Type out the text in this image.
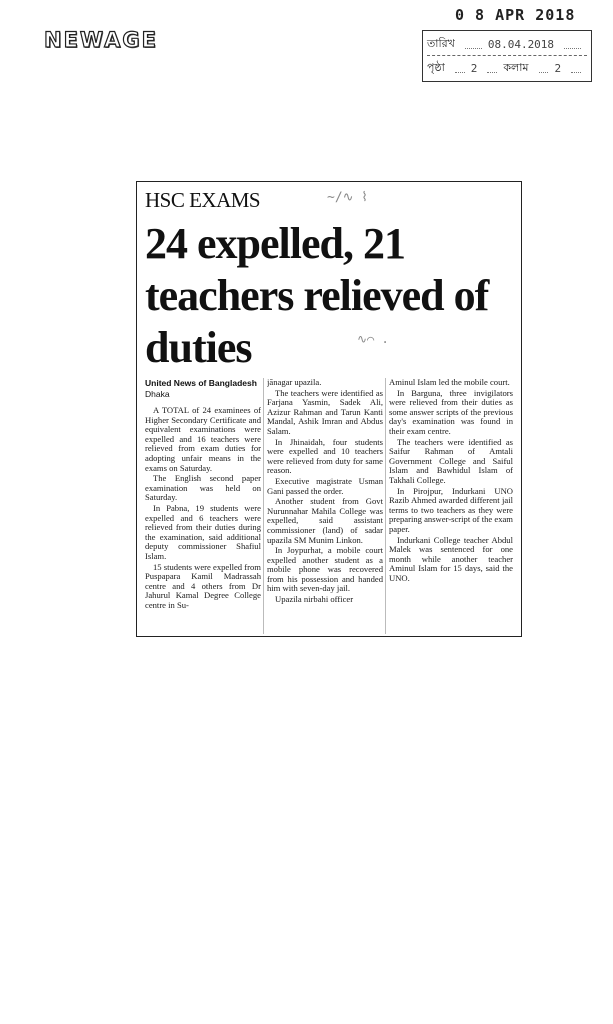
NEWAGE
0 8 APR 2018
তারিখ	08.04.2018
পৃষ্ঠা 2 কলাম 2
HSC EXAMS	~∕∿ ⌇
∿⌒ .
24 expelled, 21 teachers relieved of duties
United News of Bangladesh
Dhaka

A TOTAL of 24 examinees of Higher Secondary Certificate and equivalent examinations were expelled and 16 teachers were relieved from exam duties for adopting unfair means in the exams on Saturday.

The English second paper examination was held on Saturday.

In Pabna, 19 students were expelled and 6 teachers were relieved from their duties during the examination, said additional deputy commissioner Shafiul Islam.

15 students were expelled from Puspapara Kamil Madrassah centre and 4 others from Dr Jahurul Kamal Degree College centre in Su-

jānagar upazila.

The teachers were identified as Farjana Yasmin, Sadek Ali, Azizur Rahman and Tarun Kanti Mandal, Ashik Imran and Abdus Salam.

In Jhinaidah, four students were expelled and 10 teachers were relieved from duty for same reason.

Executive magistrate Usman Gani passed the order.

Another student from Govt Nurunnahar Mahila College was expelled, said assistant commissioner (land) of sadar upazila SM Munim Linkon.

In Joypurhat, a mobile court expelled another student as a mobile phone was recovered from his possession and handed him with seven-day jail.

Upazila nirbahi officer

Aminul Islam led the mobile court.

In Barguna, three invigilators were relieved from their duties as some answer scripts of the previous day's examination was found in their exam centre.

The teachers were identified as Saifur Rahman of Amtali Government College and Saiful Islam and Bawhidul Islam of Takhali College.

In Pirojpur, Indurkani UNO Razib Ahmed awarded different jail terms to two teachers as they were preparing answer-script of the exam paper.

Indurkani College teacher Abdul Malek was sentenced for one month while another teacher Aminul Islam for 15 days, said the UNO.
